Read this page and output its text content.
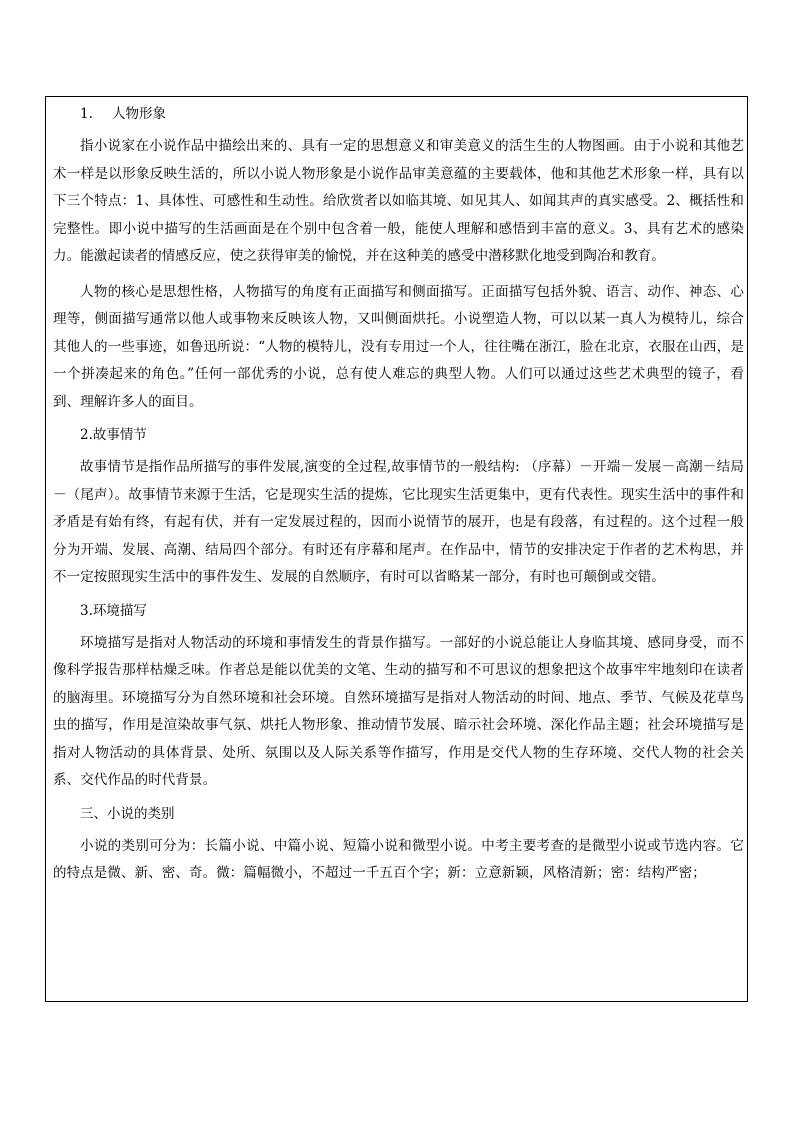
1. 人物形象

指小说家在小说作品中描绘出来的、具有一定的思想意义和审美意义的活生生的人物图画。由于小说和其他艺术一样是以形象反映生活的，所以小说人物形象是小说作品审美意蕴的主要载体，他和其他艺术形象一样，具有以下三个特点：1、具体性、可感性和生动性。给欣赏者以如临其境、如见其人、如闻其声的真实感受。2、概括性和完整性。即小说中描写的生活画面是在个别中包含着一般，能使人理解和感悟到丰富的意义。3、具有艺术的感染力。能激起读者的情感反应，使之获得审美的愉悦，并在这种美的感受中潜移默化地受到陶冶和教育。

人物的核心是思想性格，人物描写的角度有正面描写和侧面描写。正面描写包括外貌、语言、动作、神态、心理等，侧面描写通常以他人或事物来反映该人物，又叫侧面烘托。小说塑造人物，可以以某一真人为模特儿，综合其他人的一些事迹，如鲁迅所说：“人物的模特儿，没有专用过一个人，往往嘴在浙江，脸在北京，衣服在山西，是一个拼凑起来的角色。”任何一部优秀的小说，总有使人难忘的典型人物。人们可以通过这些艺术典型的镜子，看到、理解许多人的面目。

2.故事情节

故事情节是指作品所描写的事件发展,演变的全过程,故事情节的一般结构: （序幕）－开端－发展－高潮－结局－（尾声）。故事情节来源于生活，它是现实生活的提炼，它比现实生活更集中，更有代表性。现实生活中的事件和矛盾是有始有终，有起有伏，并有一定发展过程的，因而小说情节的展开，也是有段落，有过程的。这个过程一般分为开端、发展、高潮、结局四个部分。有时还有序幕和尾声。在作品中，情节的安排决定于作者的艺术构思，并不一定按照现实生活中的事件发生、发展的自然顺序，有时可以省略某一部分，有时也可颠倒或交错。

3.环境描写

环境描写是指对人物活动的环境和事情发生的背景作描写。一部好的小说总能让人身临其境、感同身受，而不像科学报告那样枯燥乏味。作者总是能以优美的文笔、生动的描写和不可思议的想象把这个故事牢牢地刻印在读者的脑海里。环境描写分为自然环境和社会环境。自然环境描写是指对人物活动的时间、地点、季节、气候及花草鸟虫的描写，作用是渲染故事气氛、烘托人物形象、推动情节发展、暗示社会环境、深化作品主题；社会环境描写是指对人物活动的具体背景、处所、氛围以及人际关系等作描写，作用是交代人物的生存环境、交代人物的社会关系、交代作品的时代背景。

三、小说的类别

小说的类别可分为：长篇小说、中篇小说、短篇小说和微型小说。中考主要考查的是微型小说或节选内容。它的特点是微、新、密、奇。微：篇幅微小，不超过一千五百个字；新：立意新颖，风格清新；密：结构严密；
